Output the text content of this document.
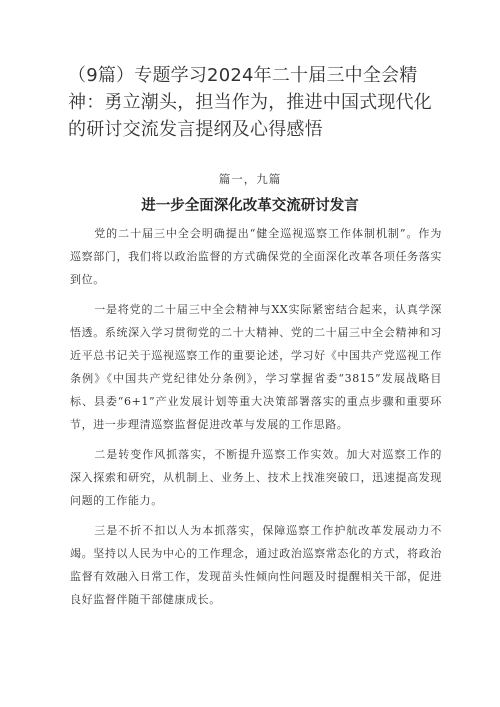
（9篇）专题学习2024年二十届三中全会精神：勇立潮头，担当作为，推进中国式现代化的研讨交流发言提纲及心得感悟
篇一，九篇
进一步全面深化改革交流研讨发言

党的二十届三中全会明确提出“健全巡视巡察工作体制机制”。作为巡察部门，我们将以政治监督的方式确保党的全面深化改革各项任务落实到位。

一是将党的二十届三中全会精神与XX实际紧密结合起来，认真学深悟透。系统深入学习贯彻党的二十大精神、党的二十届三中全会精神和习近平总书记关于巡视巡察工作的重要论述，学习好《中国共产党巡视工作条例》《中国共产党纪律处分条例》，学习掌握省委“3815”发展战略目标、县委“6+1”产业发展计划等重大决策部署落实的重点步骤和重要环节，进一步理清巡察监督促进改革与发展的工作思路。

二是转变作风抓落实，不断提升巡察工作实效。加大对巡察工作的深入探索和研究，从机制上、业务上、技术上找准突破口，迅速提高发现问题的工作能力。

三是不折不扣以人为本抓落实，保障巡察工作护航改革发展动力不竭。坚持以人民为中心的工作理念，通过政治巡察常态化的方式，将政治监督有效融入日常工作，发现苗头性倾向性问题及时提醒相关干部，促进良好监督伴随干部健康成长。
